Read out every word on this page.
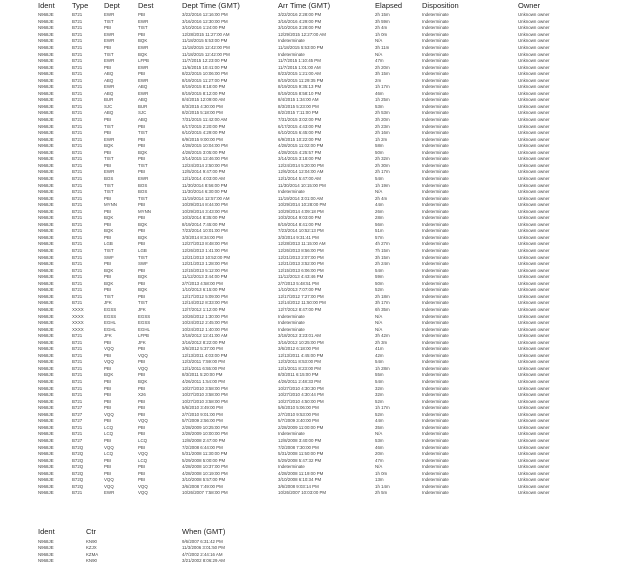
Ident Type Dept Dest	Dept Time (GMT)	Arr Time (GMT)	Elapsed	Disposition	Owner
N968JE	B721	EWR	PBI	3/22/2016 12:16:00 PM	3/22/2016 2:28:00 PM	2h 15m	Indeterminate	Unknown owner
N968JE	B721	TIST	EWR	3/16/2016 12:30:00 PM	3/16/2016 4:29:00 PM	3h 59m	Indeterminate	Unknown owner
N968JE	B721	PBI	TIST	3/10/2016 1:24:00 PM	3/10/2016 3:28:00 PM	2h 4m	Indeterminate	Unknown owner
N968JE	B721	EWR	PBI	12/28/2015 11:27:00 AM	12/29/2015 12:27:00 AM	1h 0m	Indeterminate	Unknown owner
N968JE	B721	EWR	BQK	11/18/2015 5:53:00 PM	Indeterminate	N/A	Indeterminate	Unknown owner
N968JE	B721	PBI	EWR	11/18/2015 12:42:00 PM	11/18/2015 5:53:00 PM	3h 11m	Indeterminate	Unknown owner
N968JE	B721	TIST	BQK	11/18/2015 12:42:00 PM	Indeterminate	N/A	Indeterminate	Unknown owner
N968JE	B721	EWR	LFPB	11/7/2015 12:23:00 PM	11/7/2015 1:10:45 PM	47m	Indeterminate	Unknown owner
N968JE	B721	PBI	EWR	11/6/2015 10:41:00 PM	11/7/2015 1:01:00 AM	2h 20m	Indeterminate	Unknown owner
N968JE	B721	ABQ	PBI	8/22/2015 10:06:00 PM	8/23/2015 1:21:00 AM	3h 15m	Indeterminate	Unknown owner
N968JE	B721	ABQ	EWR	8/19/2015 11:27:00 PM	8/19/2015 11:29:35 PM	2m	Indeterminate	Unknown owner
N968JE	B721	EWR	ABQ	8/19/2015 8:18:00 PM	8/19/2015 9:35:13 PM	1h 17m	Indeterminate	Unknown owner
N968JE	B721	ABQ	EWR	8/19/2015 8:12:00 PM	8/19/2015 8:58:10 PM	46m	Indeterminate	Unknown owner
N968JE	B721	BUR	ABQ	8/4/2015 12:09:00 AM	8/4/2015 1:34:00 AM	1h 25m	Indeterminate	Unknown owner
N968JE	B721	SJC	BUR	8/3/2015 4:30:00 PM	8/3/2015 5:23:00 PM	53m	Indeterminate	Unknown owner
N968JE	B721	ABQ	SJC	8/2/2015 5:18:00 PM	8/2/2015 7:11:00 PM	2h 53m	Indeterminate	Unknown owner
N968JE	B721	PBI	ABQ	7/31/2015 11:42:00 AM	7/31/2015 3:02:00 PM	3h 20m	Indeterminate	Unknown owner
N968JE	B721	TIST	PBI	6/17/2015 2:20:00 PM	6/17/2015 4:43:00 PM	2h 23m	Indeterminate	Unknown owner
N968JE	B721	PBI	TIST	6/10/2015 4:29:00 PM	6/10/2015 6:45:00 PM	2h 16m	Indeterminate	Unknown owner
N968JE	B721	EWR	PBI	6/9/2015 9:00:00 PM	6/9/2015 10:22:00 PM	1h 2m	Indeterminate	Unknown owner
N968JE	B721	BQK	PBI	4/28/2015 10:04:00 PM	4/28/2015 11:02:00 PM	58m	Indeterminate	Unknown owner
N968JE	B721	PBI	BQK	4/28/2015 3:05:00 PM	4/28/2015 4:25:57 PM	50m	Indeterminate	Unknown owner
N968JE	B721	TIST	PBI	3/14/2015 12:46:00 PM	3/14/2015 3:18:00 PM	2h 32m	Indeterminate	Unknown owner
N968JE	B721	PBI	TIST	12/24/2014 2:50:00 PM	12/24/2014 5:20:00 PM	2h 30m	Indeterminate	Unknown owner
N968JE	B721	EWR	PBI	12/5/2014 9:47:00 PM	12/6/2014 12:04:00 AM	2h 17m	Indeterminate	Unknown owner
N968JE	B721	BOS	EWR	12/1/2014 4:03:00 AM	12/1/2014 5:47:00 AM	54m	Indeterminate	Unknown owner
N968JE	B721	TIST	BOS	11/30/2014 8:56:00 PM	11/30/2014 10:15:00 PM	1h 19m	Indeterminate	Unknown owner
N968JE	B721	TIST	BOS	11/30/2014 6:30:00 PM	Indeterminate	N/A	Indeterminate	Unknown owner
N968JE	B721	PBI	TIST	11/19/2014 12:57:00 AM	11/19/2014 3:01:00 AM	2h 4m	Indeterminate	Unknown owner
N968JE	B721	MYNN	PBI	10/29/2014 8:44:00 PM	10/29/2014 10:28:00 PM	44m	Indeterminate	Unknown owner
N968JE	B721	PBI	MYNN	10/29/2014 3:43:00 PM	10/29/2014 4:09:18 PM	26m	Indeterminate	Unknown owner
N968JE	B721	BQK	PBI	10/3/2014 8:35:00 PM	10/3/2014 9:03:00 PM	28m	Indeterminate	Unknown owner
N968JE	B721	PBI	BQK	8/19/2014 7:45:00 PM	8/19/2014 8:41:00 PM	56m	Indeterminate	Unknown owner
N968JE	B721	BQK	PBI	7/23/2014 10:01:00 PM	7/23/2014 10:52:13 PM	51m	Indeterminate	Unknown owner
N968JE	B721	PBI	BQK	3/3/2014 8:34:00 PM	3/3/2014 9:31:41 PM	57m	Indeterminate	Unknown owner
N968JE	B721	LGB	PBI	12/27/2013 8:48:00 PM	12/28/2013 11:15:00 AM	4h 27m	Indeterminate	Unknown owner
N968JE	B721	TIST	LGB	12/26/2013 1:41:00 PM	12/26/2013 8:56:00 PM	7h 15m	Indeterminate	Unknown owner
N968JE	B721	SWF	TIST	12/21/2013 10:52:00 PM	12/21/2013 2:07:00 PM	3h 15m	Indeterminate	Unknown owner
N968JE	B721	PBI	SWF	12/21/2013 1:28:00 PM	12/21/2013 3:52:00 PM	2h 24m	Indeterminate	Unknown owner
N968JE	B721	BQK	PBI	12/15/2013 5:12:00 PM	12/15/2013 6:06:00 PM	54m	Indeterminate	Unknown owner
N968JE	B721	PBI	BQK	11/12/2013 3:44:00 PM	11/12/2013 4:43:46 PM	59m	Indeterminate	Unknown owner
N968JE	B721	BQK	PBI	2/7/2013 4:58:00 PM	2/7/2013 5:48:51 PM	50m	Indeterminate	Unknown owner
N968JE	B721	PBI	BQK	1/10/2013 6:15:00 PM	1/10/2013 7:07:00 PM	52m	Indeterminate	Unknown owner
N968JE	B721	TIST	PBI	12/17/2012 5:09:00 PM	12/17/2012 7:27:00 PM	2h 18m	Indeterminate	Unknown owner
N968JE	B721	JFK	TIST	12/14/2012 8:33:00 PM	12/14/2012 11:50:00 PM	3h 17m	Indeterminate	Unknown owner
N968JE	XXXX	EGSS	JFK	12/7/2012 1:12:00 PM	12/7/2012 8:47:00 PM	6h 35m	Indeterminate	Unknown owner
N968JE	XXXX	EGSS	EGSS	10/26/2012 1:30:00 PM	Indeterminate	N/A	Indeterminate	Unknown owner
N968JE	XXXX	EGHL	EGSS	10/24/2012 2:45:00 PM	Indeterminate	N/A	Indeterminate	Unknown owner
N968JE	XXXX	EGHL	EGHL	10/24/2012 1:40:00 PM	Indeterminate	N/A	Indeterminate	Unknown owner
N968JE	B721	JFK	LFPB	3/18/2012 12:41:00 AM	3/18/2012 3:23:01 AM	3h 42m	Indeterminate	Unknown owner
N968JE	B721	PBI	JFK	3/16/2012 8:22:00 PM	3/16/2012 10:25:00 PM	2h 3m	Indeterminate	Unknown owner
N968JE	B721	VQQ	PBI	3/6/2012 5:37:00 PM	3/6/2012 6:18:00 PM	41m	Indeterminate	Unknown owner
N968JE	B721	PBI	VQQ	12/13/2011 4:03:00 PM	12/13/2011 4:45:00 PM	42m	Indeterminate	Unknown owner
N968JE	B721	VQQ	PBI	12/3/2011 7:59:00 PM	12/3/2011 8:53:00 PM	54m	Indeterminate	Unknown owner
N968JE	B721	PBI	VQQ	12/1/2011 6:55:00 PM	12/1/2011 8:23:00 PM	1h 28m	Indeterminate	Unknown owner
N968JE	B721	BQK	PBI	8/3/2011 5:20:00 PM	8/3/2011 6:15:00 PM	55m	Indeterminate	Unknown owner
N968JE	B721	PBI	BQK	4/26/2011 1:54:00 PM	4/26/2011 2:48:33 PM	54m	Indeterminate	Unknown owner
N968JE	B721	PBI	PBI	10/27/2010 3:58:00 PM	10/27/2010 4:30:30 PM	32m	Indeterminate	Unknown owner
N968JE	B721	PBI	X26	10/27/2010 3:58:00 PM	10/27/2010 4:30:44 PM	32m	Indeterminate	Unknown owner
N968JE	B721	PBI	PBI	10/27/2010 3:58:00 PM	10/27/2010 4:50:00 PM	52m	Indeterminate	Unknown owner
N968JE	B727	PBI	PBI	5/6/2010 3:49:00 PM	5/6/2010 5:06:00 PM	1h 17m	Indeterminate	Unknown owner
N968JE	B727	VQQ	PBI	2/7/2010 9:01:00 PM	2/7/2010 9:53:00 PM	52m	Indeterminate	Unknown owner
N968JE	B727	PBI	VQQ	5/7/2009 2:56:00 PM	5/7/2009 3:40:00 PM	44m	Indeterminate	Unknown owner
N968JE	B721	LCQ	PBI	2/28/2009 10:25:00 PM	2/28/2009 11:00:00 PM	35m	Indeterminate	Unknown owner
N968JE	B721	LCQ	PBI	2/28/2009 10:00:00 PM	Indeterminate	N/A	Indeterminate	Unknown owner
N968JE	B727	PBI	LCQ	12/8/2008 2:47:00 PM	12/8/2008 3:40:00 PM	53m	Indeterminate	Unknown owner
N968JE	B72Q	VQQ	PBI	7/2/2008 6:44:00 PM	7/2/2008 7:30:00 PM	46m	Indeterminate	Unknown owner
N968JE	B72Q	LCQ	VQQ	5/31/2008 11:30:00 PM	5/31/2008 11:50:00 PM	20m	Indeterminate	Unknown owner
N968JE	B72Q	PBI	LCQ	5/29/2008 5:00:00 PM	5/29/2008 5:47:32 PM	47m	Indeterminate	Unknown owner
N968JE	B72Q	PBI	PBI	4/28/2008 10:37:00 PM	Indeterminate	N/A	Indeterminate	Unknown owner
N968JE	B72Q	PBI	PBI	4/28/2008 10:19:00 PM	4/28/2008 11:19:00 PM	1h 0m	Indeterminate	Unknown owner
N968JE	B72Q	VQQ	PBI	3/10/2008 5:57:00 PM	3/10/2008 6:10:34 PM	13m	Indeterminate	Unknown owner
N968JE	B72Q	VQQ	VQQ	3/6/2008 7:49:00 PM	3/6/2008 9:03:14 PM	1h 14m	Indeterminate	Unknown owner
N968JE	B721	EWR	VQQ	10/26/2007 7:58:00 PM	10/26/2007 10:03:00 PM	2h 5m	Indeterminate	Unknown owner
Ident	Ctr	When (GMT)
N968JE	KN90	9/6/2007 6:31:42 PM
N968JE	KZJX	11/3/2006 3:01:50 PM
N968JE	KZMA	4/7/2002 2:44:16 AM
N968JE	KN90	3/21/2002 8:06:29 AM
